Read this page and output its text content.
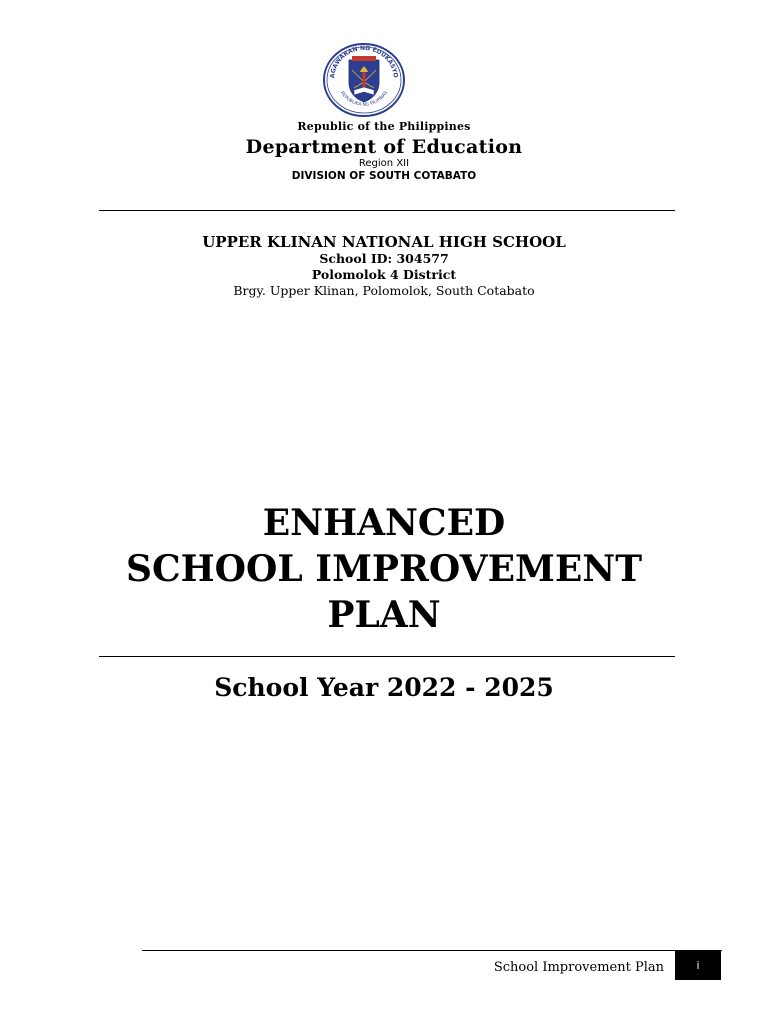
AGAWARAN NG EDUKASYO
REPUBLIKA NG PILIPINAS
Republic of the Philippines
Department of Education
Region XII
DIVISION OF SOUTH COTABATO
UPPER KLINAN NATIONAL HIGH SCHOOL
School ID: 304577
Polomolok 4 District
Brgy. Upper Klinan, Polomolok, South Cotabato
ENHANCED
SCHOOL IMPROVEMENT
PLAN
School Year 2022 - 2025
School Improvement Plan	i
